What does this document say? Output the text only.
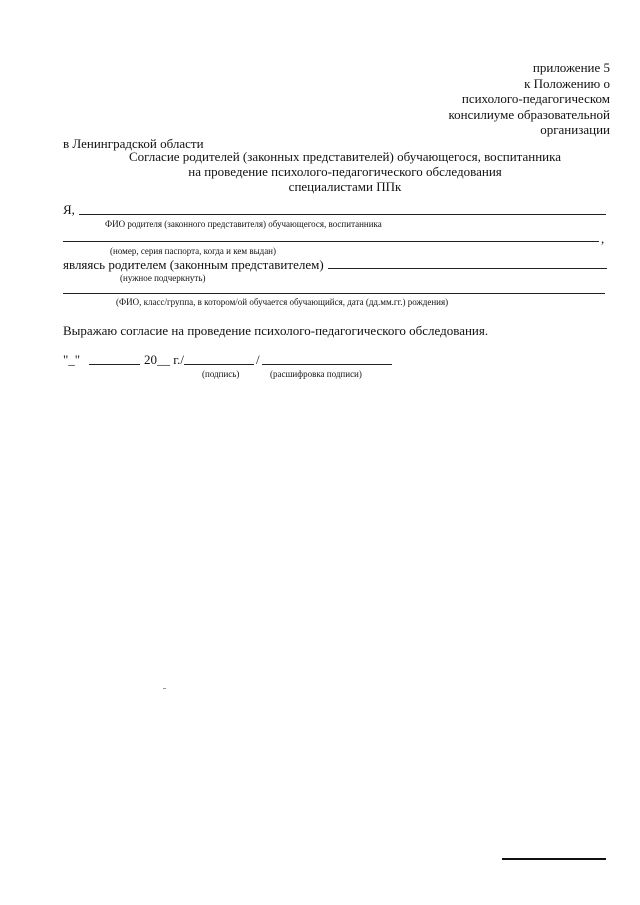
приложение 5
к Положению о
психолого-педагогическом
консилиуме образовательной
организации
в Ленинградской области
Согласие родителей (законных представителей) обучающегося, воспитанника
на проведение психолого-педагогического обследования
специалистами ППк
Я,
ФИО родителя (законного представителя) обучающегося, воспитанника
,
(номер, серия паспорта, когда и кем выдан)
являясь родителем (законным представителем)
(нужное подчеркнуть)
(ФИО, класс/группа, в котором/ой обучается обучающийся, дата (дд.мм.гг.) рождения)
Выражаю согласие на проведение психолого-педагогического обследования.
"_"	20__ г./	/
(подпись)	(расшифровка подписи)
